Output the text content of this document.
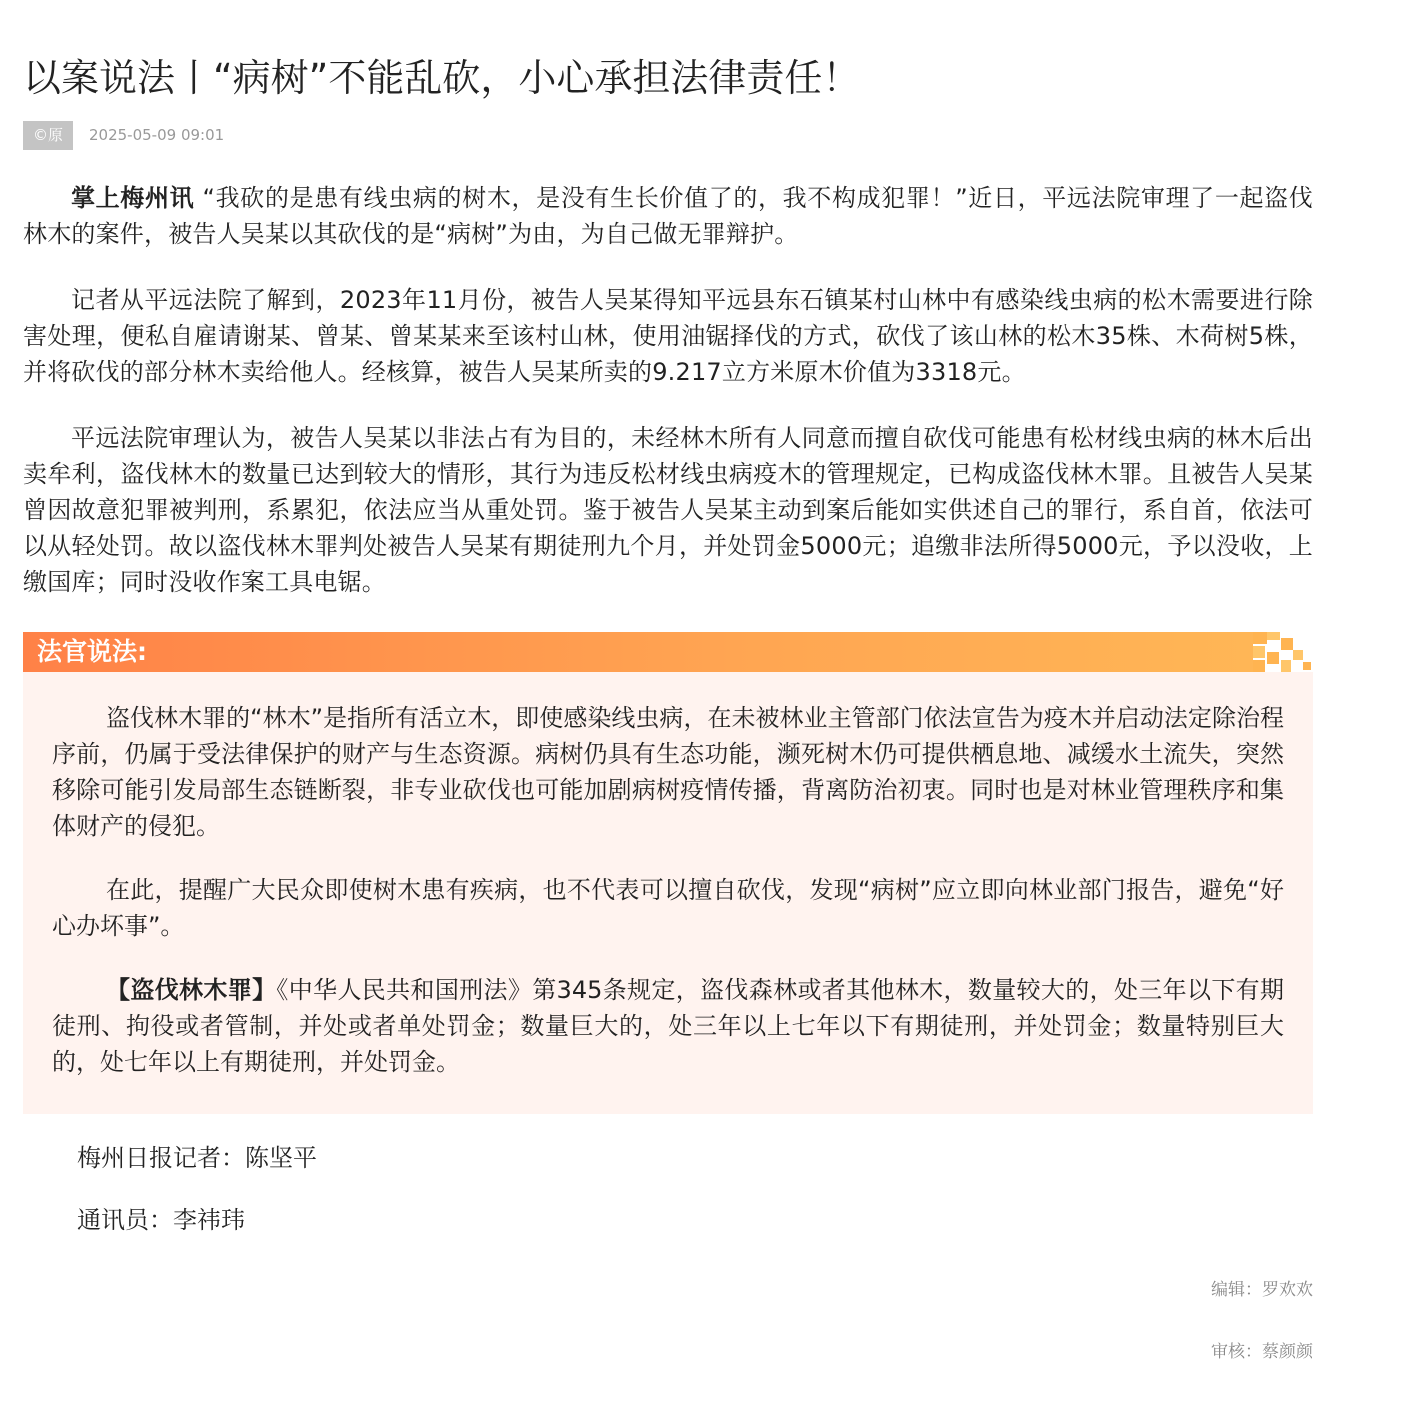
以案说法丨“病树”不能乱砍，小心承担法律责任！
©原创
2025-05-09 09:01

掌上梅州讯 “我砍的是患有线虫病的树木，是没有生长价值了的，我不构成犯罪！”近日，平远法院审理了一起盗伐林木的案件，被告人吴某以其砍伐的是“病树”为由，为自己做无罪辩护。

记者从平远法院了解到，2023年11月份，被告人吴某得知平远县东石镇某村山林中有感染线虫病的松木需要进行除害处理，便私自雇请谢某、曾某、曾某某来至该村山林，使用油锯择伐的方式，砍伐了该山林的松木35株、木荷树5株，并将砍伐的部分林木卖给他人。经核算，被告人吴某所卖的9.217立方米原木价值为3318元。

平远法院审理认为，被告人吴某以非法占有为目的，未经林木所有人同意而擅自砍伐可能患有松材线虫病的林木后出卖牟利，盗伐林木的数量已达到较大的情形，其行为违反松材线虫病疫木的管理规定，已构成盗伐林木罪。且被告人吴某曾因故意犯罪被判刑，系累犯，依法应当从重处罚。鉴于被告人吴某主动到案后能如实供述自己的罪行，系自首，依法可以从轻处罚。故以盗伐林木罪判处被告人吴某有期徒刑九个月，并处罚金5000元；追缴非法所得5000元，予以没收，上缴国库；同时没收作案工具电锯。

法官说法:

盗伐林木罪的“林木”是指所有活立木，即使感染线虫病，在未被林业主管部门依法宣告为疫木并启动法定除治程序前，仍属于受法律保护的财产与生态资源。病树仍具有生态功能，濒死树木仍可提供栖息地、减缓水土流失，突然移除可能引发局部生态链断裂，非专业砍伐也可能加剧病树疫情传播，背离防治初衷。同时也是对林业管理秩序和集体财产的侵犯。

在此，提醒广大民众即使树木患有疾病，也不代表可以擅自砍伐，发现“病树”应立即向林业部门报告，避免“好心办坏事”。

【盗伐林木罪】《中华人民共和国刑法》第345条规定，盗伐森林或者其他林木，数量较大的，处三年以下有期徒刑、拘役或者管制，并处或者单处罚金；数量巨大的，处三年以上七年以下有期徒刑，并处罚金；数量特别巨大的，处七年以上有期徒刑，并处罚金。

梅州日报记者：陈坚平

通讯员：李祎玮

编辑：罗欢欢
审核：蔡颜颜
